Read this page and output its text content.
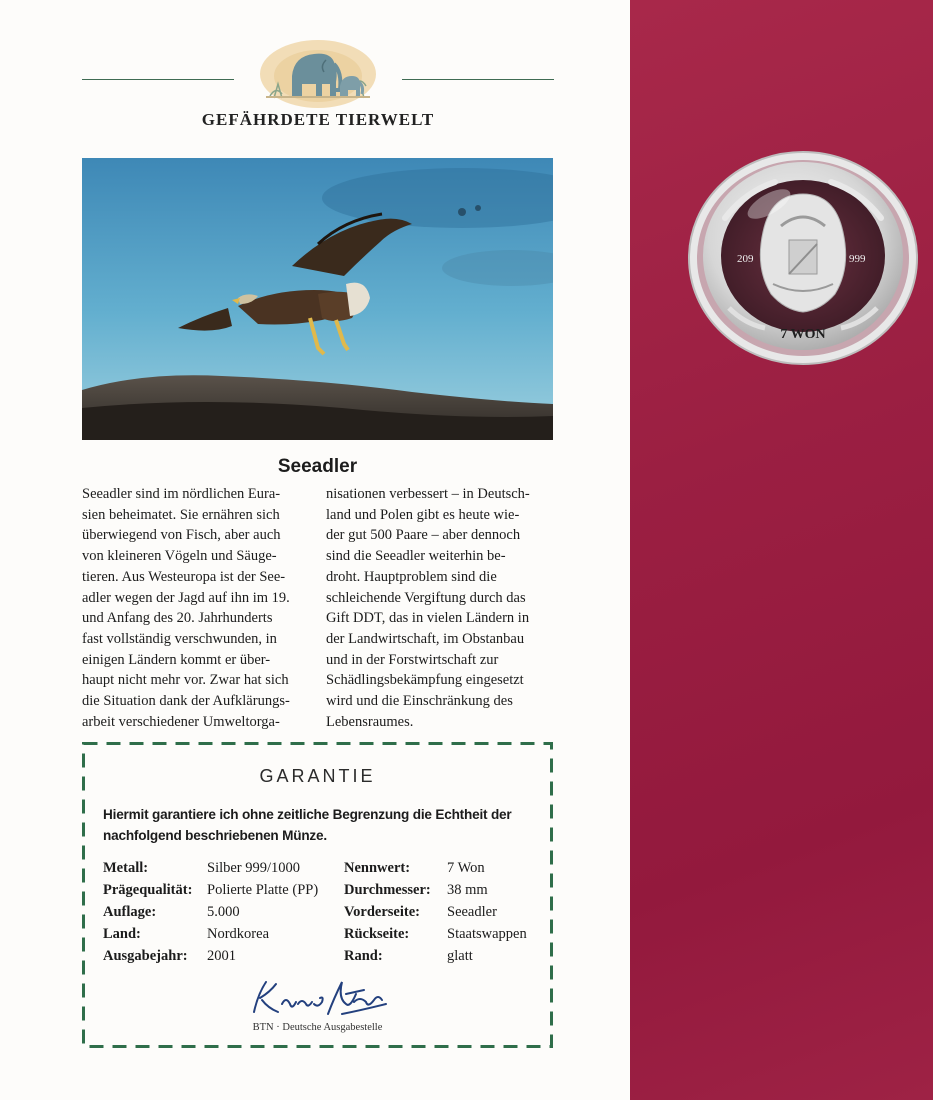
GEFÄHRDETE TIERWELT
Seeadler
Seeadler sind im nördlichen Eura-
sien beheimatet. Sie ernähren sich
überwiegend von Fisch, aber auch
von kleineren Vögeln und Säuge-
tieren. Aus Westeuropa ist der See-
adler wegen der Jagd auf ihn im 19.
und Anfang des 20. Jahrhunderts
fast vollständig verschwunden, in
einigen Ländern kommt er über-
haupt nicht mehr vor. Zwar hat sich
die Situation dank der Aufklärungs-
arbeit verschiedener Umweltorga-
nisationen verbessert – in Deutsch-
land und Polen gibt es heute wie-
der gut 500 Paare – aber dennoch
sind die Seeadler weiterhin be-
droht. Hauptproblem sind die
schleichende Vergiftung durch das
Gift DDT, das in vielen Ländern in
der Landwirtschaft, im Obstanbau
und in der Forstwirtschaft zur
Schädlingsbekämpfung eingesetzt
wird und die Einschränkung des
Lebensraumes.
GARANTIE
Hiermit garantiere ich ohne zeitliche Begrenzung die Echtheit der
nachfolgend beschriebenen Münze.
Metall:	Silber 999/1000	Nennwert:	7 Won
Prägequalität: Polierte Platte (PP) Durchmesser: 38 mm
Auflage:	5.000	Vorderseite: Seeadler
Land:	Nordkorea	Rückseite:	Staatswappen
Ausgabejahr: 2001	Rand:	glatt
BTN · Deutsche Ausgabestelle
209	999
7 WON
